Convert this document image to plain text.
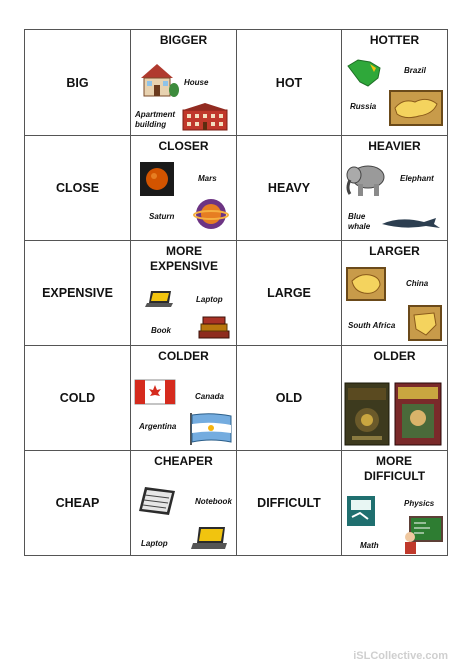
BIG
BIGGER
House
Apartment building
HOT
HOTTER
Brazil
Russia
CLOSE
CLOSER
Mars
Saturn
HEAVY
HEAVIER
Elephant
Blue whale
EXPENSIVE
MORE EXPENSIVE
Laptop
Book
LARGE
LARGER
China
South Africa
COLD
COLDER
Canada
Argentina
OLD
OLDER
CHEAP
CHEAPER
Notebook
Laptop
DIFFICULT
MORE DIFFICULT
Physics
Math
iSLCollective.com
